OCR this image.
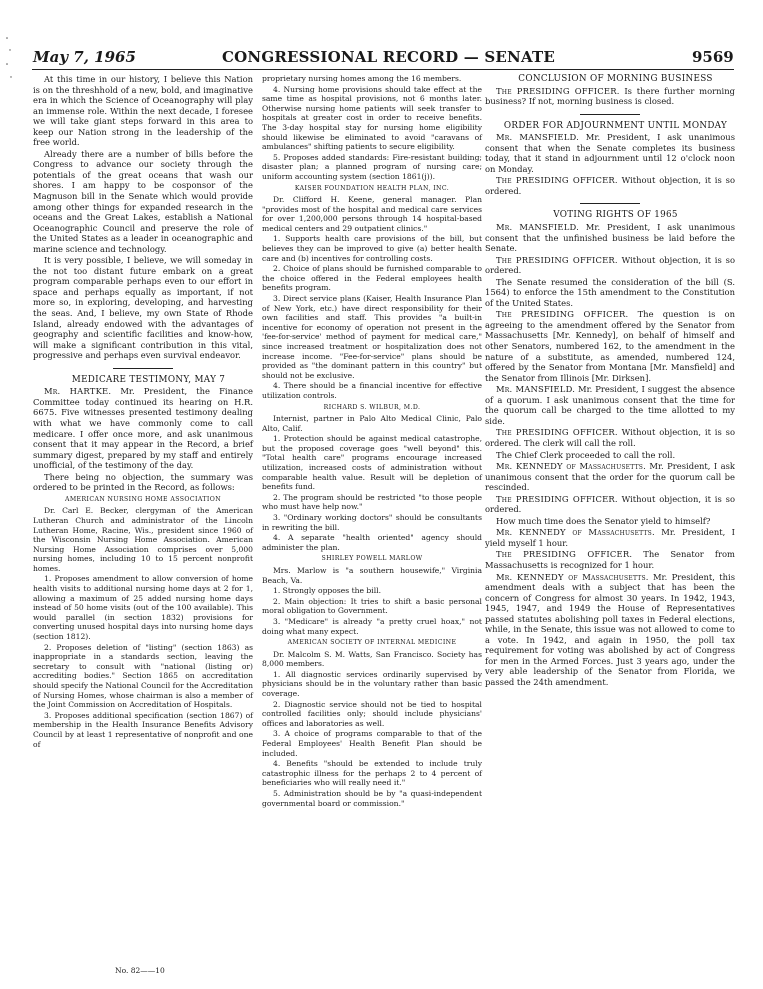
May 7, 1965	CONGRESSIONAL RECORD — SENATE	9569

At this time in our history, I believe this Nation is on the threshhold of a new, bold, and imaginative era in which the Science of Oceanography will play an immense role. Within the next decade, I foresee we will take giant steps forward in this area to keep our Nation strong in the leadership of the free world.

Already there are a number of bills before the Congress to advance our society through the potentials of the great oceans that wash our shores. I am happy to be cosponsor of the Magnuson bill in the Senate which would provide among other things for expanded research in the oceans and the Great Lakes, establish a National Oceanographic Council and preserve the role of the United States as a leader in oceanographic and marine science and technology.

It is very possible, I believe, we will someday in the not too distant future embark on a great program comparable perhaps even to our effort in space and perhaps equally as important, if not more so, in exploring, developing, and harvesting the seas. And, I believe, my own State of Rhode Island, already endowed with the advantages of geography and scientific facilities and know-how, will make a significant contribution in this vital, progressive and perhaps even survival endeavor.

MEDICARE TESTIMONY, MAY 7

Mr. HARTKE. Mr. President, the Finance Committee today continued its hearing on H.R. 6675. Five witnesses presented testimony dealing with what we have commonly come to call medicare. I offer once more, and ask unanimous consent that it may appear in the Record, a brief summary digest, prepared by my staff and entirely unofficial, of the testimony of the day.

There being no objection, the summary was ordered to be printed in the Record, as follows:

AMERICAN NURSING HOME ASSOCIATION

Dr. Carl E. Becker, clergyman of the American Lutheran Church and administrator of the Lincoln Lutheran Home, Racine, Wis., president since 1960 of the Wisconsin Nursing Home Association. American Nursing Home Association comprises over 5,000 nursing homes, including 10 to 15 percent nonprofit homes.

1. Proposes amendment to allow conversion of home health visits to additional nursing home days at 2 for 1, allowing a maximum of 25 added nursing home days instead of 50 home visits (out of the 100 available). This would parallel (in section 1832) provisions for converting unused hospital days into nursing home days (section 1812).

2. Proposes deletion of "listing" (section 1863) as inappropriate in a standards section, leaving the secretary to consult with "national (listing or) accrediting bodies." Section 1865 on accreditation should specify the National Council for the Accreditation of Nursing Homes, whose chairman is also a member of the Joint Commission on Accreditation of Hospitals.

3. Proposes additional specification (section 1867) of membership in the Health Insurance Benefits Advisory Council by at least 1 representative of nonprofit and one of

proprietary nursing homes among the 16 members.

4. Nursing home provisions should take effect at the same time as hospital provisions, not 6 months later. Otherwise nursing home patients will seek transfer to hospitals at greater cost in order to receive benefits. The 3-day hospital stay for nursing home eligibility should likewise be eliminated to avoid "caravans of ambulances" shifting patients to secure eligibility.

5. Proposes added standards: Fire-resistant building; disaster plan; a planned program of nursing care; uniform accounting system (section 1861(j)).

KAISER FOUNDATION HEALTH PLAN, INC.

Dr. Clifford H. Keene, general manager. Plan "provides most of the hospital and medical care services for over 1,200,000 persons through 14 hospital-based medical centers and 29 outpatient clinics."

1. Supports health care provisions of the bill, but believes they can be improved to give (a) better health care and (b) incentives for controlling costs.

2. Choice of plans should be furnished comparable to the choice offered in the Federal employees health benefits program.

3. Direct service plans (Kaiser, Health Insurance Plan of New York, etc.) have direct responsibility for their own facilities and staff. This provides "a built-in incentive for economy of operation not present in the 'fee-for-service' method of payment for medical care," since increased treatment or hospitalization does not increase income. "Fee-for-service" plans should be provided as "the dominant pattern in this country" but should not be exclusive.

4. There should be a financial incentive for effective utilization controls.

RICHARD S. WILBUR, M.D.

Internist, partner in Palo Alto Medical Clinic, Palo Alto, Calif.

1. Protection should be against medical catastrophe, but the proposed coverage goes "well beyond" this. "Total health care" programs encourage increased utilization, increased costs of administration without comparable health value. Result will be depletion of benefits fund.

2. The program should be restricted "to those people who must have help now."

3. "Ordinary working doctors" should be consultants in rewriting the bill.

4. A separate "health oriented" agency should administer the plan.

SHIRLEY POWELL MARLOW

Mrs. Marlow is "a southern housewife," Virginia Beach, Va.

1. Strongly opposes the bill.

2. Main objection: It tries to shift a basic personal moral obligation to Government.

3. "Medicare" is already "a pretty cruel hoax," not doing what many expect.

AMERICAN SOCIETY OF INTERNAL MEDICINE

Dr. Malcolm S. M. Watts, San Francisco. Society has 8,000 members.

1. All diagnostic services ordinarily supervised by physicians should be in the voluntary rather than basic coverage.

2. Diagnostic service should not be tied to hospital controlled facilities only; should include physicians' offices and laboratories as well.

3. A choice of programs comparable to that of the Federal Employees' Health Benefit Plan should be included.

4. Benefits "should be extended to include truly catastrophic illness for the perhaps 2 to 4 percent of beneficiaries who will really need it."

5. Administration should be by "a quasi-independent governmental board or commission."

CONCLUSION OF MORNING BUSINESS

The PRESIDING OFFICER. Is there further morning business? If not, morning business is closed.

ORDER FOR ADJOURNMENT UNTIL MONDAY

Mr. MANSFIELD. Mr. President, I ask unanimous consent that when the Senate completes its business today, that it stand in adjournment until 12 o'clock noon on Monday.

The PRESIDING OFFICER. Without objection, it is so ordered.

VOTING RIGHTS OF 1965

Mr. MANSFIELD. Mr. President, I ask unanimous consent that the unfinished business be laid before the Senate.

The PRESIDING OFFICER. Without objection, it is so ordered.

The Senate resumed the consideration of the bill (S. 1564) to enforce the 15th amendment to the Constitution of the United States.

The PRESIDING OFFICER. The question is on agreeing to the amendment offered by the Senator from Massachusetts [Mr. Kennedy], on behalf of himself and other Senators, numbered 162, to the amendment in the nature of a substitute, as amended, numbered 124, offered by the Senator from Montana [Mr. Mansfield] and the Senator from Illinois [Mr. Dirksen].

Mr. MANSFIELD. Mr. President, I suggest the absence of a quorum. I ask unanimous consent that the time for the quorum call be charged to the time allotted to my side.

The PRESIDING OFFICER. Without objection, it is so ordered. The clerk will call the roll.

The Chief Clerk proceeded to call the roll.

Mr. KENNEDY of Massachusetts. Mr. President, I ask unanimous consent that the order for the quorum call be rescinded.

The PRESIDING OFFICER. Without objection, it is so ordered.

How much time does the Senator yield to himself?

Mr. KENNEDY of Massachusetts. Mr. President, I yield myself 1 hour.

The PRESIDING OFFICER. The Senator from Massachusetts is recognized for 1 hour.

Mr. KENNEDY of Massachusetts. Mr. President, this amendment deals with a subject that has been the concern of Congress for almost 30 years. In 1942, 1943, 1945, 1947, and 1949 the House of Representatives passed statutes abolishing poll taxes in Federal elections, while, in the Senate, this issue was not allowed to come to a vote. In 1942, and again in 1950, the poll tax requirement for voting was abolished by act of Congress for men in the Armed Forces. Just 3 years ago, under the very able leadership of the Senator from Florida, we passed the 24th amendment.

No. 82——10
